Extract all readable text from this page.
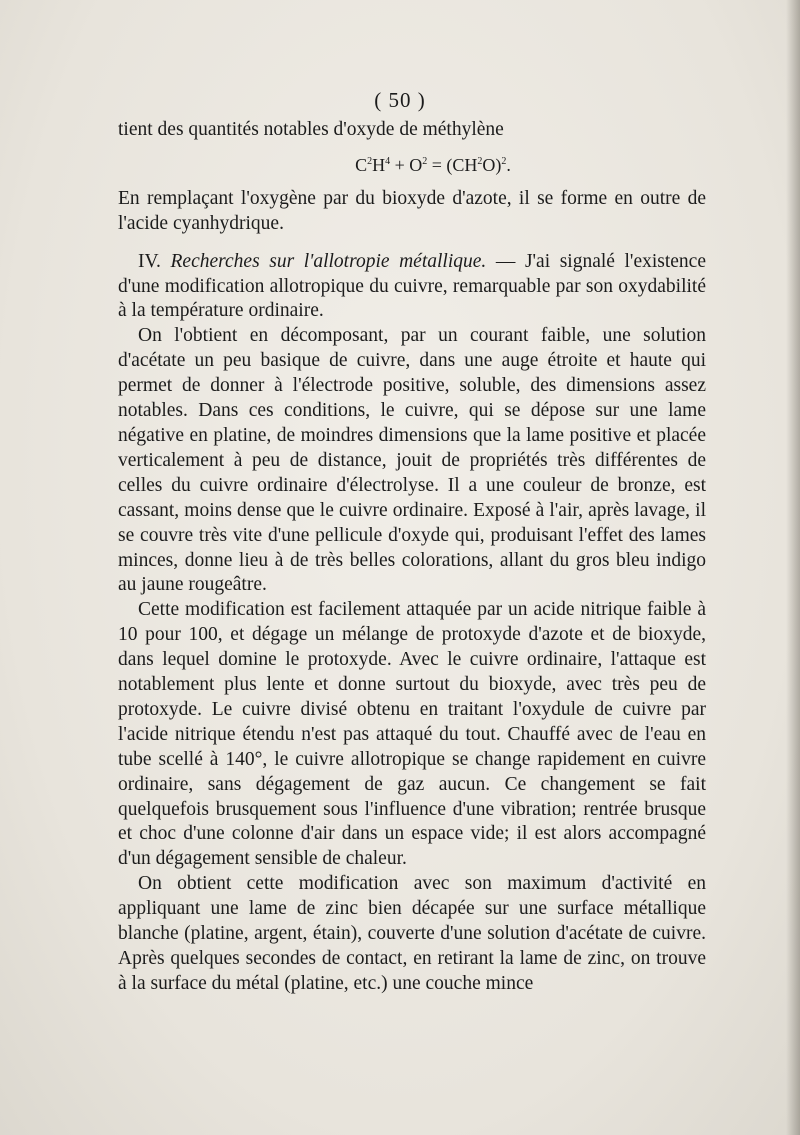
( 50 )

tient des quantités notables d'oxyde de méthylène

$C^2H^4 + O^2 = (CH^2O)^2$.

En remplaçant l'oxygène par du bioxyde d'azote, il se forme en outre de l'acide cyanhydrique.

IV. Recherches sur l'allotropie métallique. — J'ai signalé l'existence d'une modification allotropique du cuivre, remarquable par son oxydabilité à la température ordinaire.

On l'obtient en décomposant, par un courant faible, une solution d'acétate un peu basique de cuivre, dans une auge étroite et haute qui permet de donner à l'électrode positive, soluble, des dimensions assez notables. Dans ces conditions, le cuivre, qui se dépose sur une lame négative en platine, de moindres dimensions que la lame positive et placée verticalement à peu de distance, jouit de propriétés très différentes de celles du cuivre ordinaire d'électrolyse. Il a une couleur de bronze, est cassant, moins dense que le cuivre ordinaire. Exposé à l'air, après lavage, il se couvre très vite d'une pellicule d'oxyde qui, produisant l'effet des lames minces, donne lieu à de très belles colorations, allant du gros bleu indigo au jaune rougeâtre.

Cette modification est facilement attaquée par un acide nitrique faible à 10 pour 100, et dégage un mélange de protoxyde d'azote et de bioxyde, dans lequel domine le protoxyde. Avec le cuivre ordinaire, l'attaque est notablement plus lente et donne surtout du bioxyde, avec très peu de protoxyde. Le cuivre divisé obtenu en traitant l'oxydule de cuivre par l'acide nitrique étendu n'est pas attaqué du tout. Chauffé avec de l'eau en tube scellé à 140°, le cuivre allotropique se change rapidement en cuivre ordinaire, sans dégagement de gaz aucun. Ce changement se fait quelquefois brusquement sous l'influence d'une vibration; rentrée brusque et choc d'une colonne d'air dans un espace vide; il est alors accompagné d'un dégagement sensible de chaleur.

On obtient cette modification avec son maximum d'activité en appliquant une lame de zinc bien décapée sur une surface métallique blanche (platine, argent, étain), couverte d'une solution d'acétate de cuivre. Après quelques secondes de contact, en retirant la lame de zinc, on trouve à la surface du métal (platine, etc.) une couche mince
